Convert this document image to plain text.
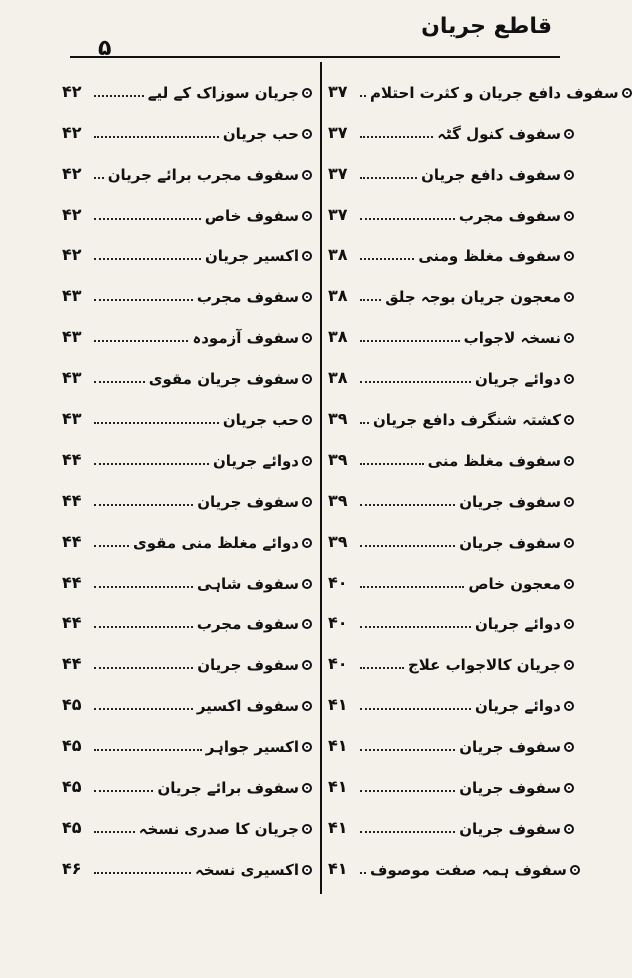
قاطع جریان
۵
۳۷	سفوف دافع جریان و کثرت احتلام
۳۷	سفوف کنول گٹہ
۳۷	سفوف دافع جریان
۳۷	سفوف مجرب
۳۸	سفوف مغلظ ومنی
۳۸	معجون جریان بوجہ جلق
۳۸	نسخہ لاجواب
۳۸	دوائے جریان
۳۹	کشتہ شنگرف دافع جریان
۳۹	سفوف مغلظ منی
۳۹	سفوف جریان
۳۹	سفوف جریان
۴۰	معجون خاص
۴۰	دوائے جریان
۴۰	جریان کالاجواب علاج
۴۱	دوائے جریان
۴۱	سفوف جریان
۴۱	سفوف جریان
۴۱	سفوف جریان
۴۱	سفوف ہمہ صفت موصوف
۴۲	جریان سوزاک کے لیے
۴۲	حب جریان
۴۲	سفوف مجرب برائے جریان
۴۲	سفوف خاص
۴۲	اکسیر جریان
۴۳	سفوف مجرب
۴۳	سفوف آزمودہ
۴۳	سفوف جریان مقوی
۴۳	حب جریان
۴۴	دوائے جریان
۴۴	سفوف جریان
۴۴	دوائے مغلظ منی مقوی
۴۴	سفوف شاہی
۴۴	سفوف مجرب
۴۴	سفوف جریان
۴۵	سفوف اکسیر
۴۵	اکسیر جواہر
۴۵	سفوف برائے جریان
۴۵	جریان کا صدری نسخہ
۴۶	اکسیری نسخہ
